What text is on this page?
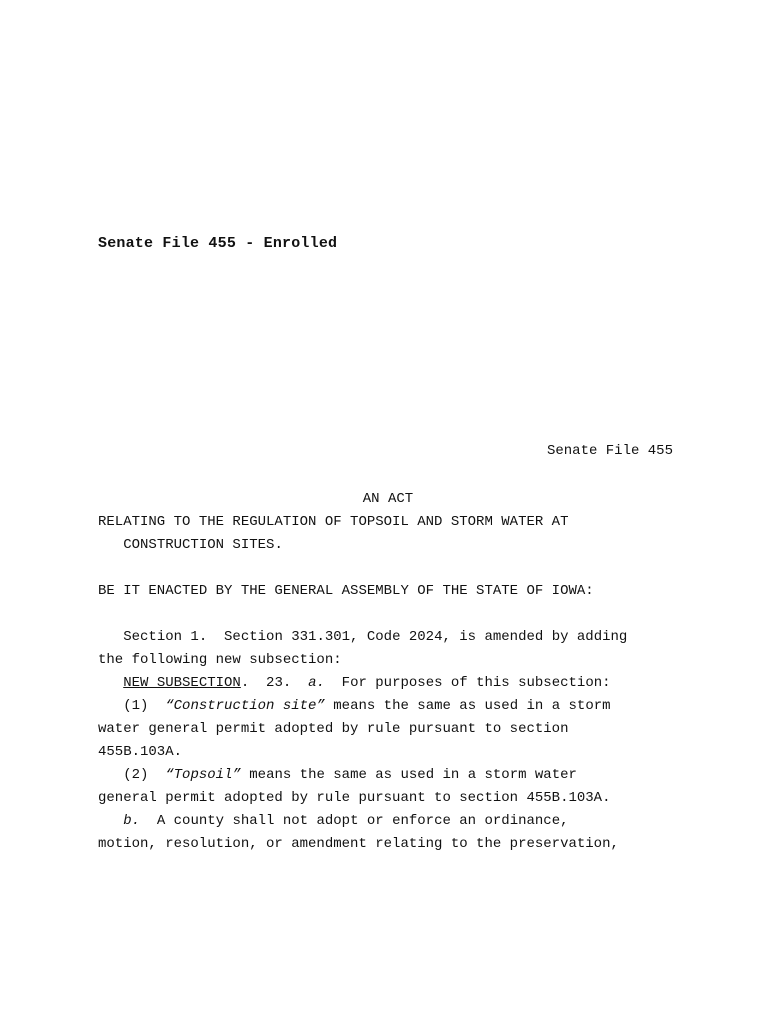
Senate File 455 - Enrolled
Senate File 455
AN ACT
RELATING TO THE REGULATION OF TOPSOIL AND STORM WATER AT
CONSTRUCTION SITES.
BE IT ENACTED BY THE GENERAL ASSEMBLY OF THE STATE OF IOWA:
Section 1.  Section 331.301, Code 2024, is amended by adding
the following new subsection:
NEW SUBSECTION.  23.  a.  For purposes of this subsection:
(1)  “Construction site” means the same as used in a storm
water general permit adopted by rule pursuant to section
455B.103A.
(2)  “Topsoil” means the same as used in a storm water
general permit adopted by rule pursuant to section 455B.103A.
b.  A county shall not adopt or enforce an ordinance,
motion, resolution, or amendment relating to the preservation,
